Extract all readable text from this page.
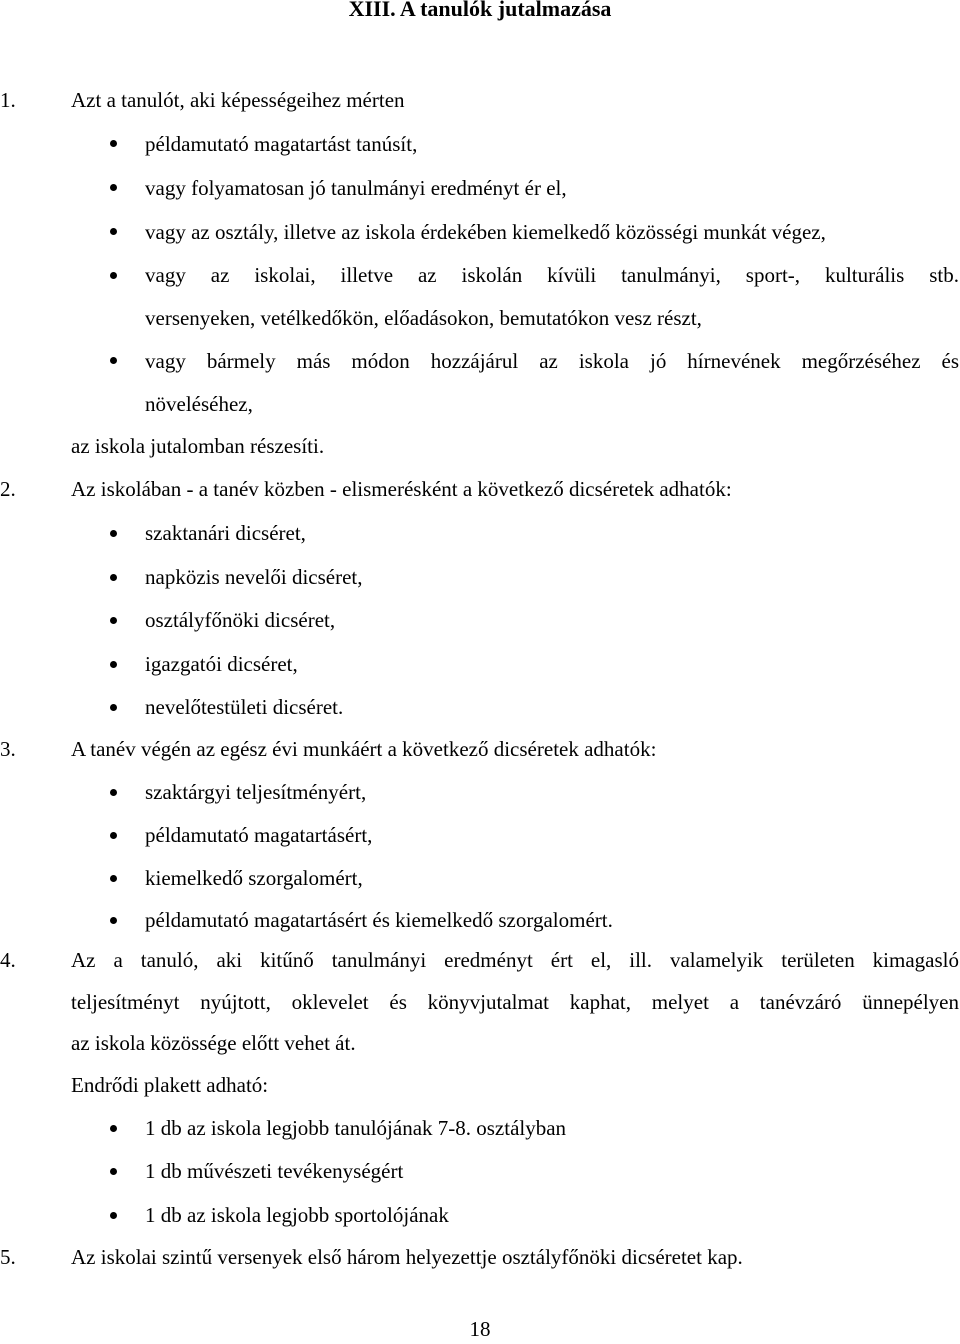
XIII. A tanulók jutalmazása
1.	Azt a tanulót, aki képességeihez mérten
példamutató magatartást tanúsít,
vagy folyamatosan jó tanulmányi eredményt ér el,
vagy az osztály, illetve az iskola érdekében kiemelkedő közösségi munkát végez,
vagy az iskolai, illetve az iskolán kívüli tanulmányi, sport-, kulturális stb.
versenyeken, vetélkedőkön, előadásokon, bemutatókon vesz részt,
vagy bármely más módon hozzájárul az iskola jó hírnevének megőrzéséhez és
növeléséhez,
az iskola jutalomban részesíti.
2.	Az iskolában - a tanév közben - elismerésként a következő dicséretek adhatók:
szaktanári dicséret,
napközis nevelői dicséret,
osztályfőnöki dicséret,
igazgatói dicséret,
nevelőtestületi dicséret.
3.	A tanév végén az egész évi munkáért a következő dicséretek adhatók:
szaktárgyi teljesítményért,
példamutató magatartásért,
kiemelkedő szorgalomért,
példamutató magatartásért és kiemelkedő szorgalomért.
4.	Az a tanuló, aki kitűnő tanulmányi eredményt ért el, ill. valamelyik területen kimagasló
teljesítményt nyújtott, oklevelet és könyvjutalmat kaphat, melyet a tanévzáró ünnepélyen
az iskola közössége előtt vehet át.
Endrődi plakett adható:
1 db az iskola legjobb tanulójának 7-8. osztályban
1 db művészeti tevékenységért
1 db az iskola legjobb sportolójának
5.	Az iskolai szintű versenyek első három helyezettje osztályfőnöki dicséretet kap.
18
